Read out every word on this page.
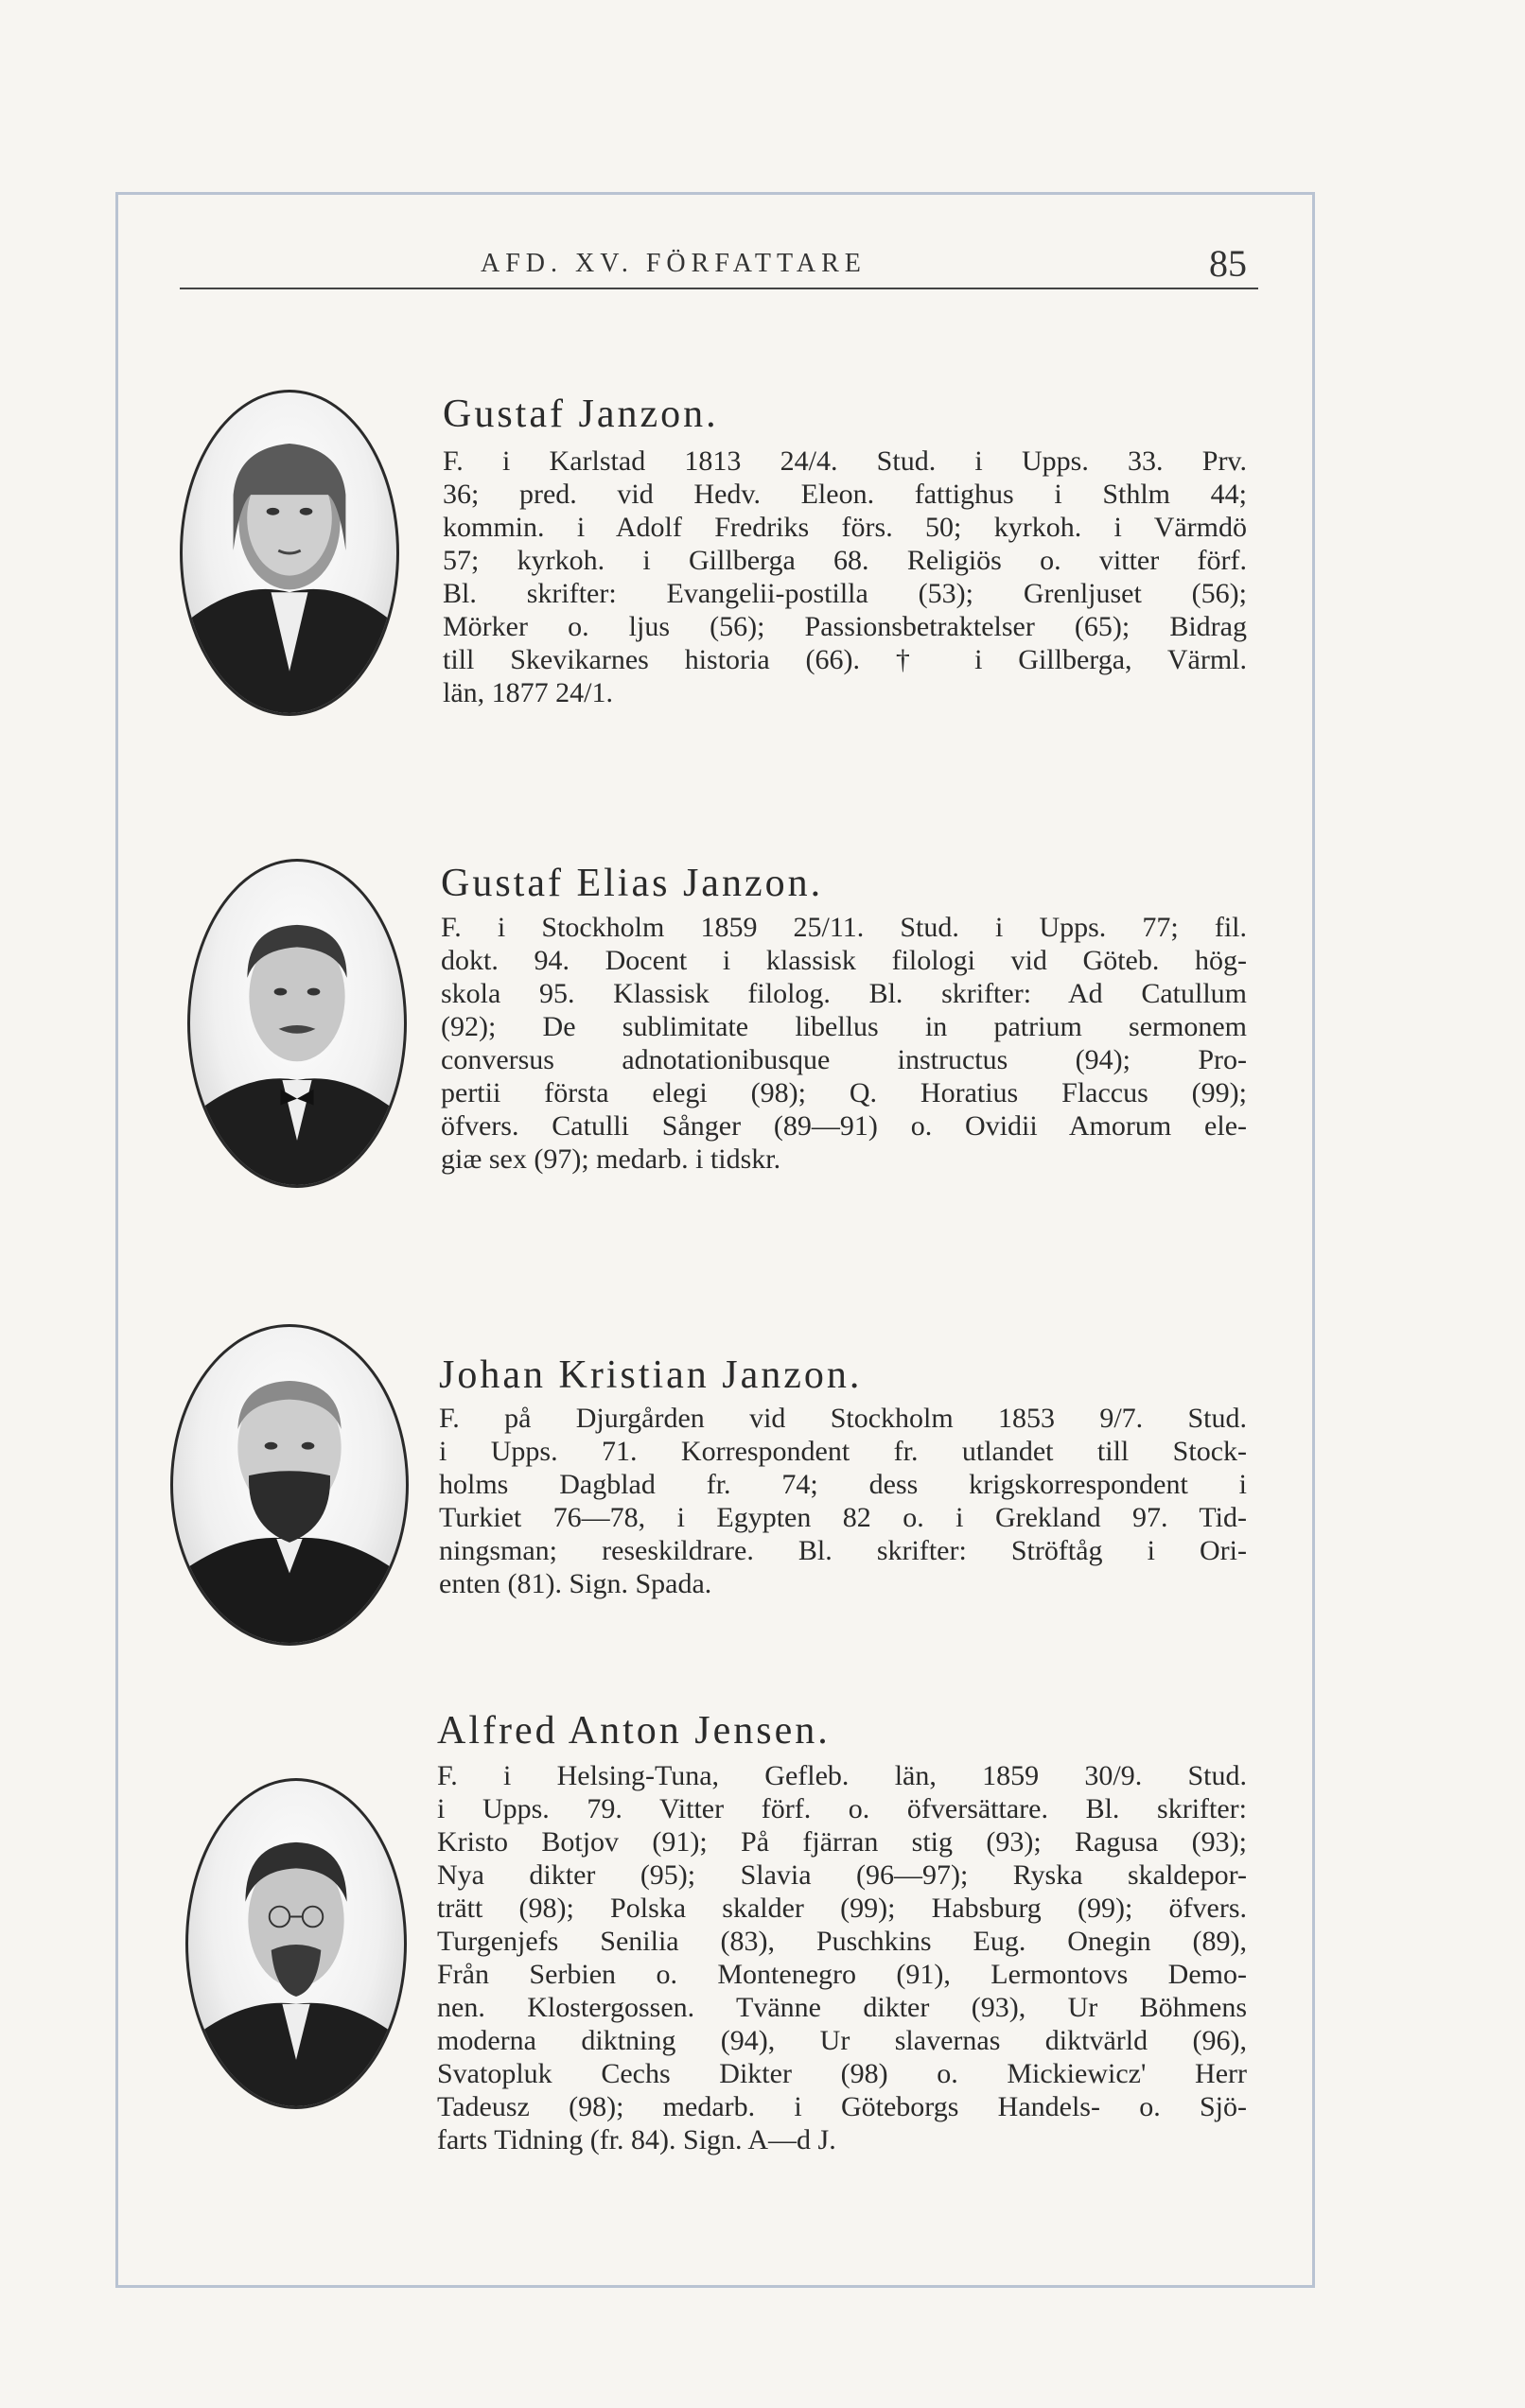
AFD. XV. FÖRFATTARE	85
Gustaf Janzon.
F. i Karlstad 1813 24/4. Stud. i Upps. 33. Prv.
36; pred. vid Hedv. Eleon. fattighus i Sthlm 44;
kommin. i Adolf Fredriks förs. 50; kyrkoh. i Värmdö
57; kyrkoh. i Gillberga 68. Religiös o. vitter förf.
Bl. skrifter: Evangelii-postilla (53); Grenljuset (56);
Mörker o. ljus (56); Passionsbetraktelser (65); Bidrag
till Skevikarnes historia (66). † i Gillberga, Värml.
län, 1877 24/1.
Gustaf Elias Janzon.
F. i Stockholm 1859 25/11. Stud. i Upps. 77; fil.
dokt. 94. Docent i klassisk filologi vid Göteb. hög-
skola 95. Klassisk filolog. Bl. skrifter: Ad Catullum
(92); De sublimitate libellus in patrium sermonem
conversus adnotationibusque instructus (94); Pro-
pertii första elegi (98); Q. Horatius Flaccus (99);
öfvers. Catulli Sånger (89—91) o. Ovidii Amorum ele-
giæ sex (97); medarb. i tidskr.
Johan Kristian Janzon.
F. på Djurgården vid Stockholm 1853 9/7. Stud.
i Upps. 71. Korrespondent fr. utlandet till Stock-
holms Dagblad fr. 74; dess krigskorrespondent i
Turkiet 76—78, i Egypten 82 o. i Grekland 97. Tid-
ningsman; reseskildrare. Bl. skrifter: Ströftåg i Ori-
enten (81). Sign. Spada.
Alfred Anton Jensen.
F. i Helsing-Tuna, Gefleb. län, 1859 30/9. Stud.
i Upps. 79. Vitter förf. o. öfversättare. Bl. skrifter:
Kristo Botjov (91); På fjärran stig (93); Ragusa (93);
Nya dikter (95); Slavia (96—97); Ryska skaldepor-
trätt (98); Polska skalder (99); Habsburg (99); öfvers.
Turgenjefs Senilia (83), Puschkins Eug. Onegin (89),
Från Serbien o. Montenegro (91), Lermontovs Demo-
nen. Klostergossen. Tvänne dikter (93), Ur Böhmens
moderna diktning (94), Ur slavernas diktvärld (96),
Svatopluk Cechs Dikter (98) o. Mickiewicz' Herr
Tadeusz (98); medarb. i Göteborgs Handels- o. Sjö-
farts Tidning (fr. 84). Sign. A—d J.
